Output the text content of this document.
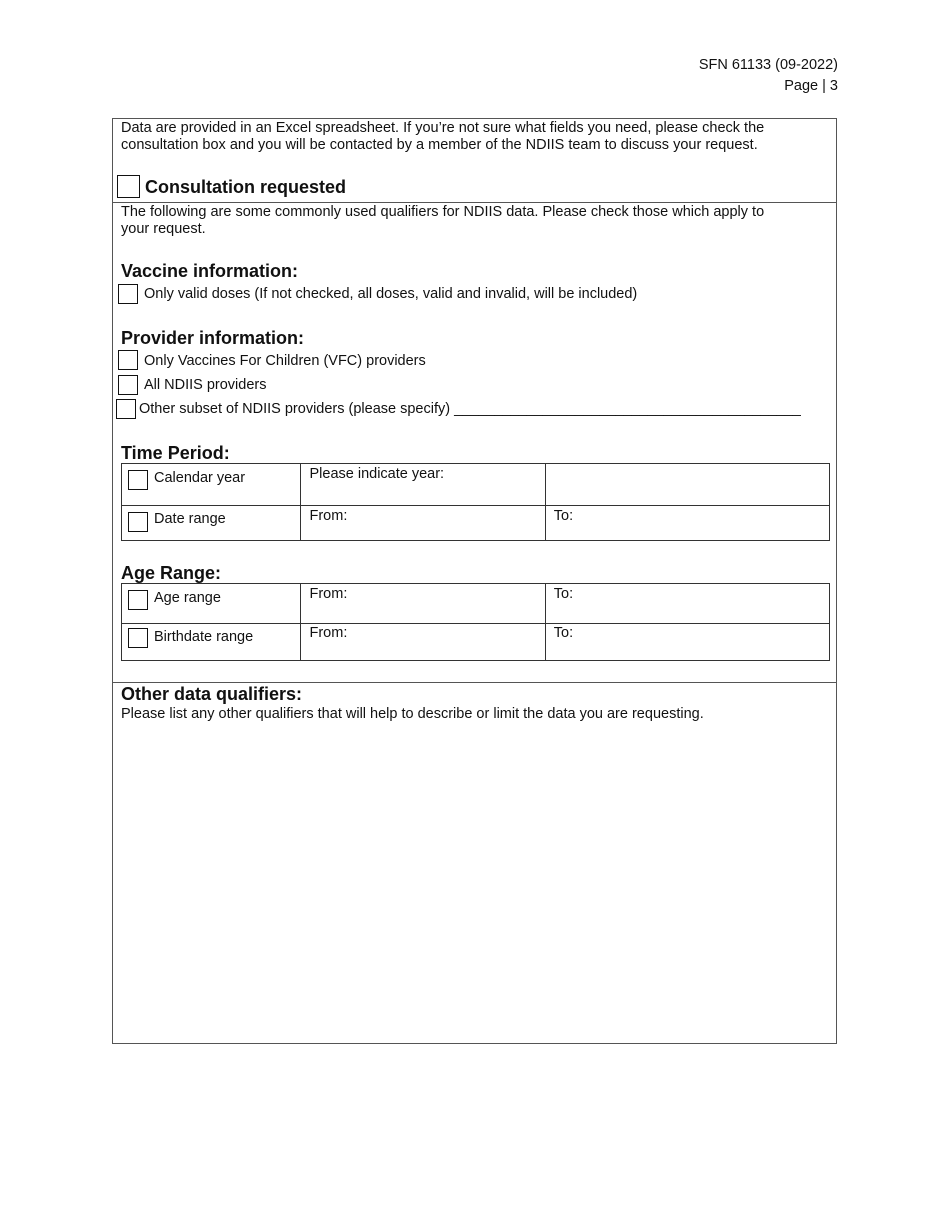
SFN 61133 (09-2022)
Page | 3
Data are provided in an Excel spreadsheet. If you’re not sure what fields you need, please check the
consultation box and you will be contacted by a member of the NDIIS team to discuss your request.
Consultation requested
The following are some commonly used qualifiers for NDIIS data. Please check those which apply to
your request.
Vaccine information:
Only valid doses (If not checked, all doses, valid and invalid, will be included)
Provider information:
Only Vaccines For Children (VFC) providers
All NDIIS providers
Other subset of NDIIS providers (please specify) ___________________________________________
Time Period:
Calendar year	Please indicate year:	

Date range	From:	To:
Age Range:
Age range	From:	To:

Birthdate range	From:	To:
Other data qualifiers:
Please list any other qualifiers that will help to describe or limit the data you are requesting.
